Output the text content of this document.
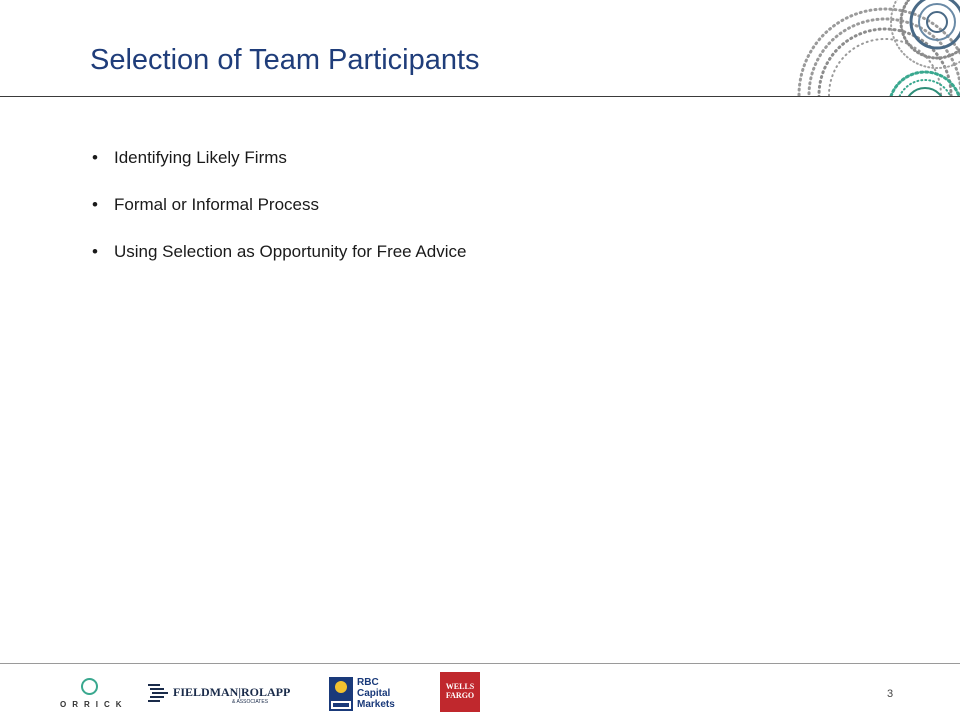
Selection of Team Participants
• Identifying Likely Firms
• Formal or Informal Process
• Using Selection as Opportunity for Free Advice
ORRICK
FIELDMAN|ROLAPP
& ASSOCIATES
RBC
Capital
Markets
WELLS
FARGO	3
